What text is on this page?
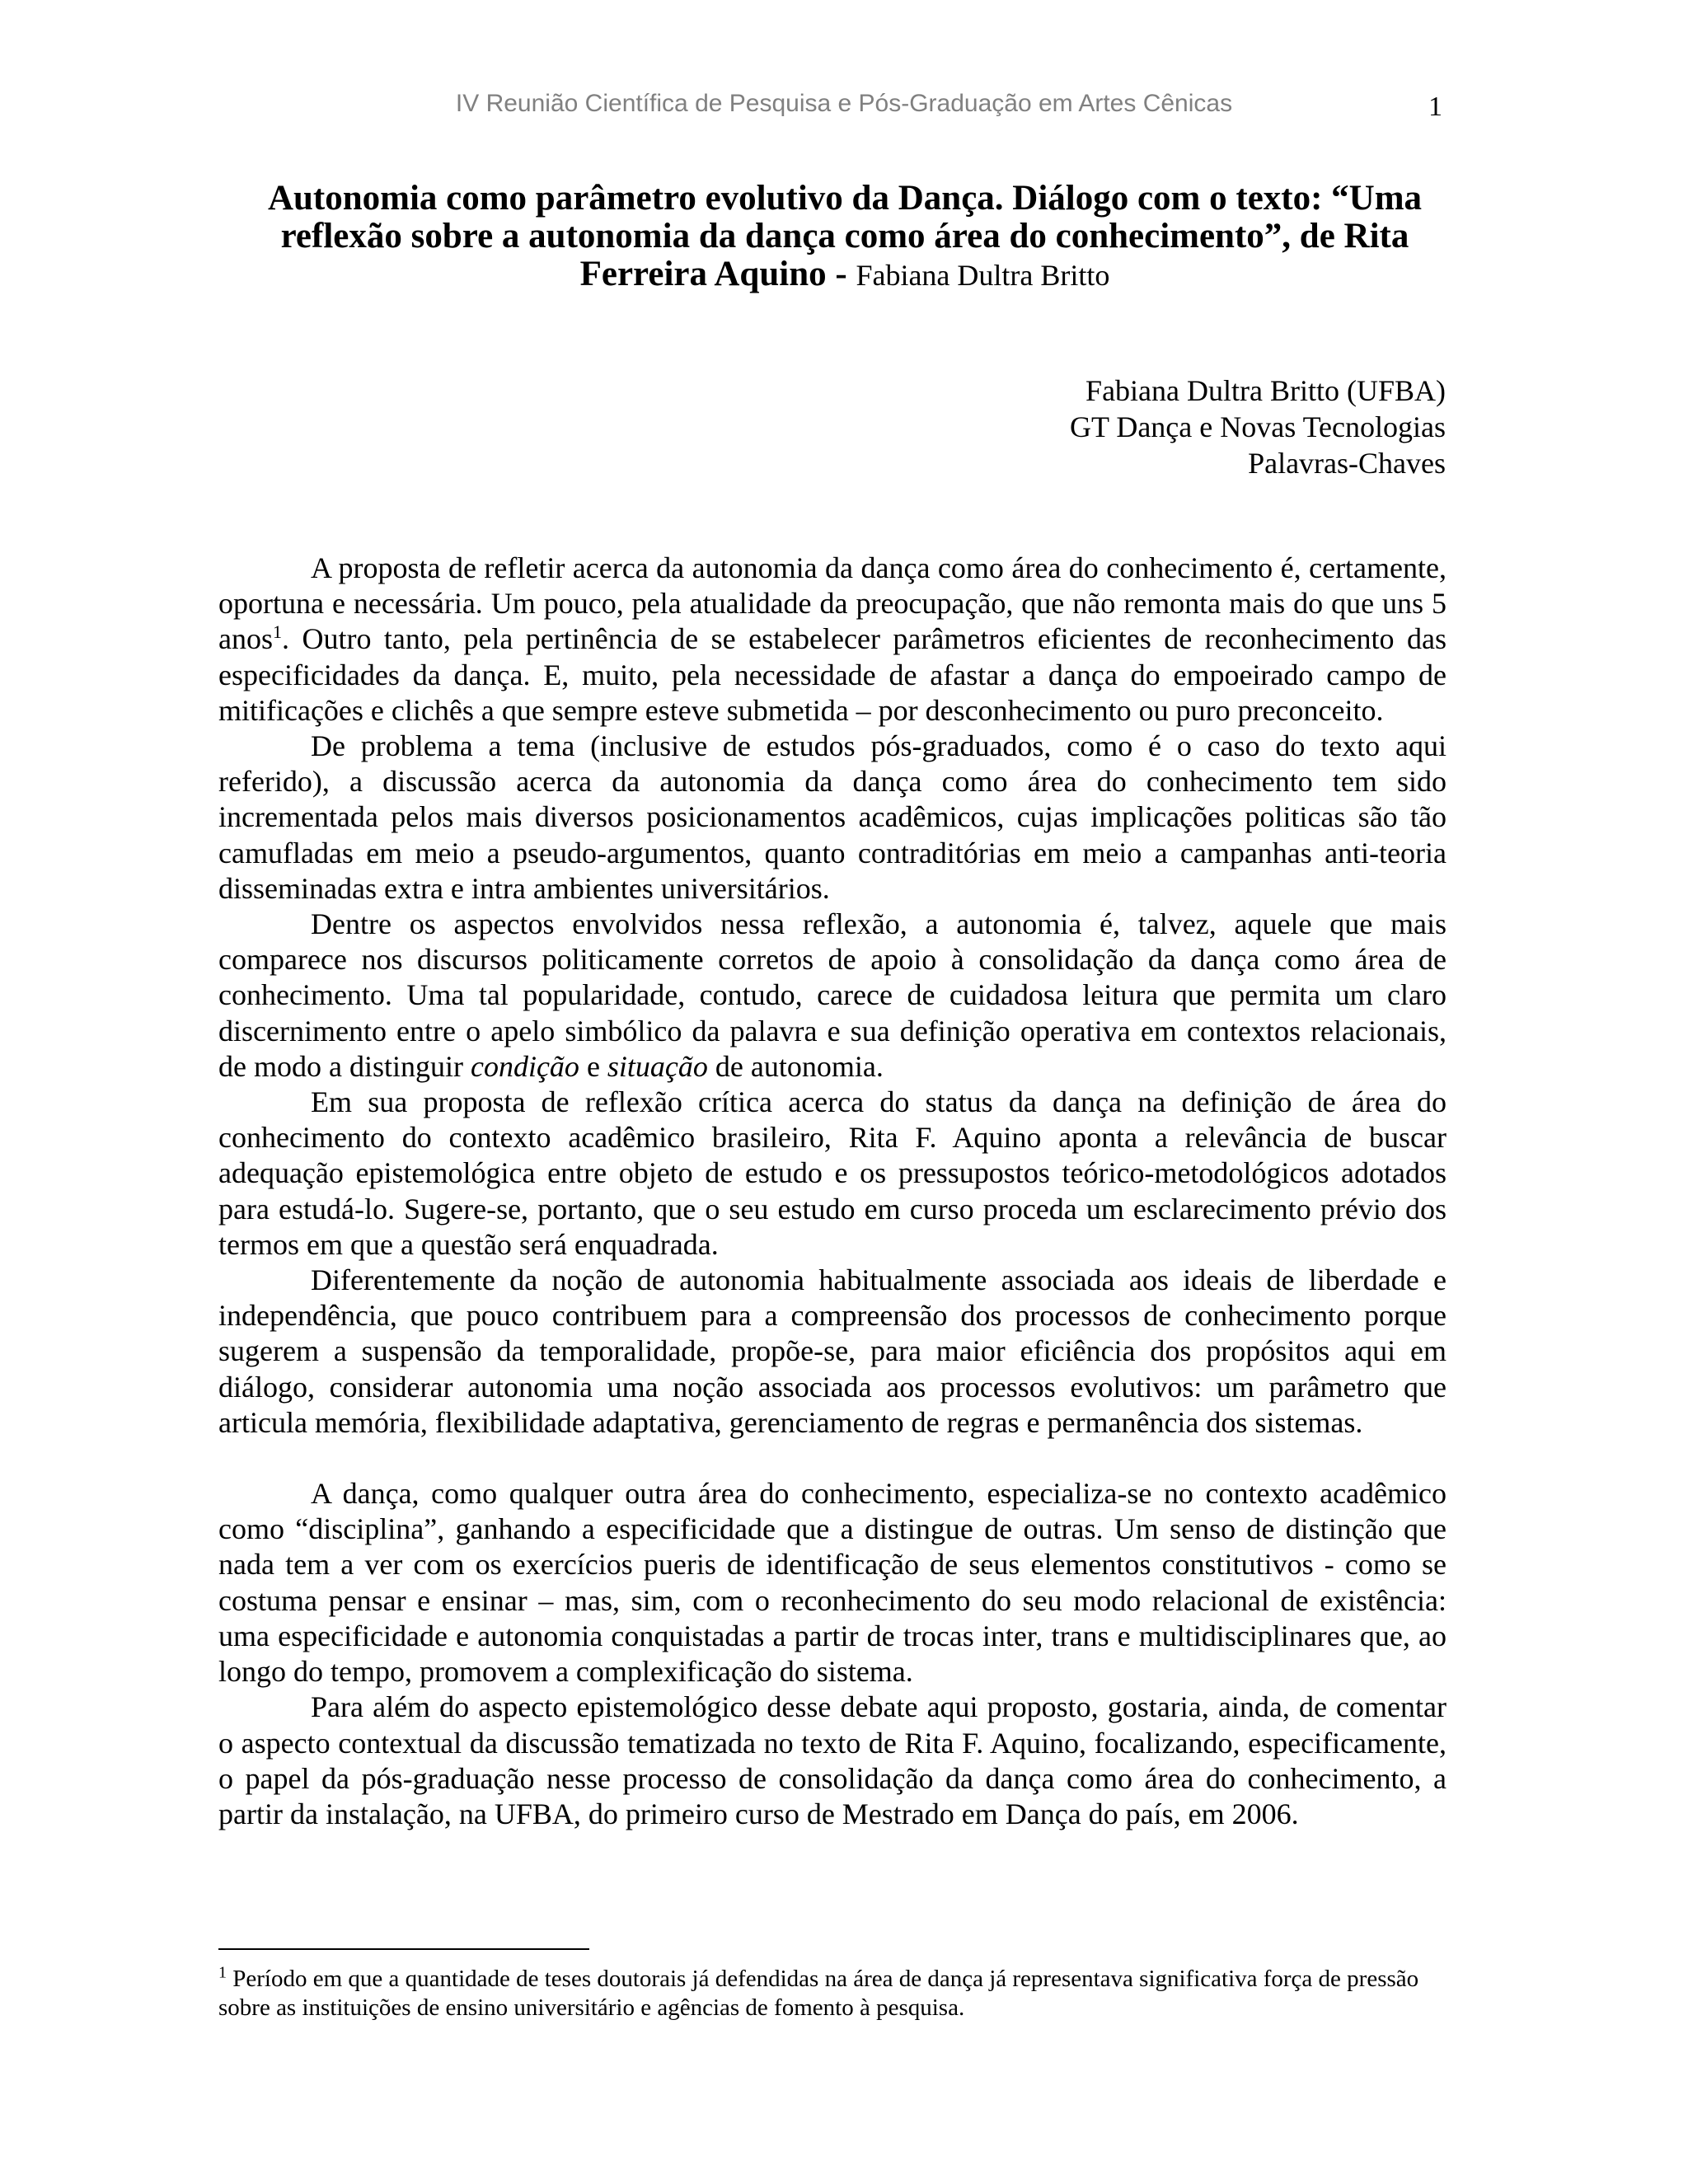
IV Reunião Científica de Pesquisa e Pós-Graduação em Artes Cênicas	1
Autonomia como parâmetro evolutivo da Dança. Diálogo com o texto: “Uma reflexão sobre a autonomia da dança como área do conhecimento”, de Rita Ferreira Aquino - Fabiana Dultra Britto
Fabiana Dultra Britto (UFBA)
GT Dança e Novas Tecnologias
Palavras-Chaves

A proposta de refletir acerca da autonomia da dança como área do conhecimento é, certamente, oportuna e necessária. Um pouco, pela atualidade da preocupação, que não remonta mais do que uns 5 anos$^1$. Outro tanto, pela pertinência de se estabelecer parâmetros eficientes de reconhecimento das especificidades da dança. E, muito, pela necessidade de afastar a dança do empoeirado campo de mitificações e clichês a que sempre esteve submetida – por desconhecimento ou puro preconceito.

De problema a tema (inclusive de estudos pós-graduados, como é o caso do texto aqui referido), a discussão acerca da autonomia da dança como área do conhecimento tem sido incrementada pelos mais diversos posicionamentos acadêmicos, cujas implicações politicas são tão camufladas em meio a pseudo-argumentos, quanto contraditórias em meio a campanhas anti-teoria disseminadas extra e intra ambientes universitários.

Dentre os aspectos envolvidos nessa reflexão, a autonomia é, talvez, aquele que mais comparece nos discursos politicamente corretos de apoio à consolidação da dança como área de conhecimento. Uma tal popularidade, contudo, carece de cuidadosa leitura que permita um claro discernimento entre o apelo simbólico da palavra e sua definição operativa em contextos relacionais, de modo a distinguir condição e situação de autonomia.

Em sua proposta de reflexão crítica acerca do status da dança na definição de área do conhecimento do contexto acadêmico brasileiro, Rita F. Aquino aponta a relevância de buscar adequação epistemológica entre objeto de estudo e os pressupostos teórico-metodológicos adotados para estudá-lo. Sugere-se, portanto, que o seu estudo em curso proceda um esclarecimento prévio dos termos em que a questão será enquadrada.

Diferentemente da noção de autonomia habitualmente associada aos ideais de liberdade e independência, que pouco contribuem para a compreensão dos processos de conhecimento porque sugerem a suspensão da temporalidade, propõe-se, para maior eficiência dos propósitos aqui em diálogo, considerar autonomia uma noção associada aos processos evolutivos: um parâmetro que articula memória, flexibilidade adaptativa, gerenciamento de regras e permanência dos sistemas.

A dança, como qualquer outra área do conhecimento, especializa-se no contexto acadêmico como “disciplina”, ganhando a especificidade que a distingue de outras. Um senso de distinção que nada tem a ver com os exercícios pueris de identificação de seus elementos constitutivos - como se costuma pensar e ensinar – mas, sim, com o reconhecimento do seu modo relacional de existência: uma especificidade e autonomia conquistadas a partir de trocas inter, trans e multidisciplinares que, ao longo do tempo, promovem a complexificação do sistema.

Para além do aspecto epistemológico desse debate aqui proposto, gostaria, ainda, de comentar o aspecto contextual da discussão tematizada no texto de Rita F. Aquino, focalizando, especificamente, o papel da pós-graduação nesse processo de consolidação da dança como área do conhecimento, a partir da instalação, na UFBA, do primeiro curso de Mestrado em Dança do país, em 2006.

$^1$ Período em que a quantidade de teses doutorais já defendidas na área de dança já representava significativa força de pressão sobre as instituições de ensino universitário e agências de fomento à pesquisa.
